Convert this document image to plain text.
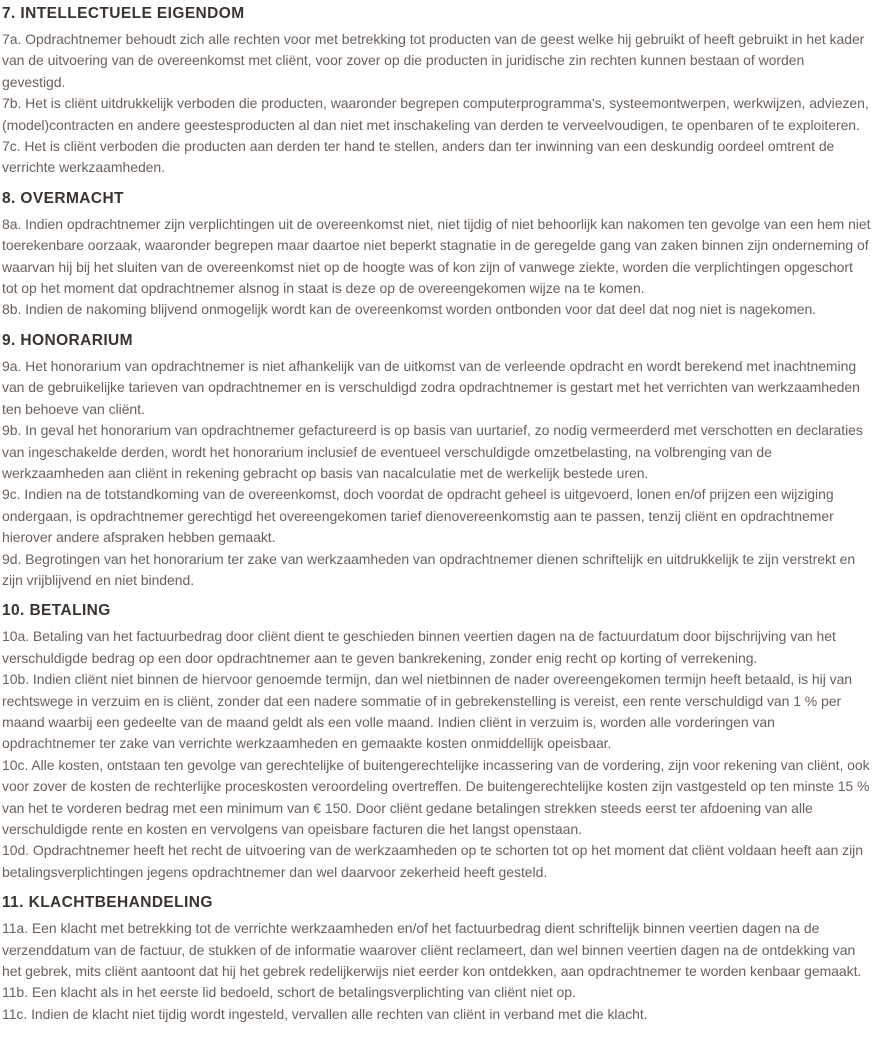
7. INTELLECTUELE EIGENDOM

7a. Opdrachtnemer behoudt zich alle rechten voor met betrekking tot producten van de geest welke hij gebruikt of heeft gebruikt in het kader van de uitvoering van de overeenkomst met cliënt, voor zover op die producten in juridische zin rechten kunnen bestaan of worden gevestigd.

7b. Het is cliënt uitdrukkelijk verboden die producten, waaronder begrepen computerprogramma's, systeemontwerpen, werkwijzen, adviezen, (model)contracten en andere geestesproducten al dan niet met inschakeling van derden te verveelvoudigen, te openbaren of te exploiteren.

7c. Het is cliënt verboden die producten aan derden ter hand te stellen, anders dan ter inwinning van een deskundig oordeel omtrent de verrichte werkzaamheden.

8. OVERMACHT

8a. Indien opdrachtnemer zijn verplichtingen uit de overeenkomst niet, niet tijdig of niet behoorlijk kan nakomen ten gevolge van een hem niet toerekenbare oorzaak, waaronder begrepen maar daartoe niet beperkt stagnatie in de geregelde gang van zaken binnen zijn onderneming of waarvan hij bij het sluiten van de overeenkomst niet op de hoogte was of kon zijn of vanwege ziekte, worden die verplichtingen opgeschort tot op het moment dat opdrachtnemer alsnog in staat is deze op de overeengekomen wijze na te komen.

8b. Indien de nakoming blijvend onmogelijk wordt kan de overeenkomst worden ontbonden voor dat deel dat nog niet is nagekomen.

9. HONORARIUM

9a. Het honorarium van opdrachtnemer is niet afhankelijk van de uitkomst van de verleende opdracht en wordt berekend met inachtneming van de gebruikelijke tarieven van opdrachtnemer en is verschuldigd zodra opdrachtnemer is gestart met het verrichten van werkzaamheden ten behoeve van cliënt.

9b. In geval het honorarium van opdrachtnemer gefactureerd is op basis van uurtarief, zo nodig vermeerderd met verschotten en declaraties van ingeschakelde derden, wordt het honorarium inclusief de eventueel verschuldigde omzetbelasting, na volbrenging van de werkzaamheden aan cliënt in rekening gebracht op basis van nacalculatie met de werkelijk bestede uren.

9c. Indien na de totstandkoming van de overeenkomst, doch voordat de opdracht geheel is uitgevoerd, lonen en/of prijzen een wijziging ondergaan, is opdrachtnemer gerechtigd het overeengekomen tarief dienovereenkomstig aan te passen, tenzij cliënt en opdrachtnemer hierover andere afspraken hebben gemaakt.

9d. Begrotingen van het honorarium ter zake van werkzaamheden van opdrachtnemer dienen schriftelijk en uitdrukkelijk te zijn verstrekt en zijn vrijblijvend en niet bindend.

10. BETALING

10a. Betaling van het factuurbedrag door cliënt dient te geschieden binnen veertien dagen na de factuurdatum door bijschrijving van het verschuldigde bedrag op een door opdrachtnemer aan te geven bankrekening, zonder enig recht op korting of verrekening.

10b. Indien cliënt niet binnen de hiervoor genoemde termijn, dan wel nietbinnen de nader overeengekomen termijn heeft betaald, is hij van rechtswege in verzuim en is cliënt, zonder dat een nadere sommatie of in gebrekenstelling is vereist, een rente verschuldigd van 1 % per maand waarbij een gedeelte van de maand geldt als een volle maand. Indien cliënt in verzuim is, worden alle vorderingen van opdrachtnemer ter zake van verrichte werkzaamheden en gemaakte kosten onmiddellijk opeisbaar.

10c. Alle kosten, ontstaan ten gevolge van gerechtelijke of buitengerechtelijke incassering van de vordering, zijn voor rekening van cliënt, ook voor zover de kosten de rechterlijke proceskosten veroordeling overtreffen. De buitengerechtelijke kosten zijn vastgesteld op ten minste 15 % van het te vorderen bedrag met een minimum van € 150. Door cliënt gedane betalingen strekken steeds eerst ter afdoening van alle verschuldigde rente en kosten en vervolgens van opeisbare facturen die het langst openstaan.

10d. Opdrachtnemer heeft het recht de uitvoering van de werkzaamheden op te schorten tot op het moment dat cliënt voldaan heeft aan zijn betalingsverplichtingen jegens opdrachtnemer dan wel daarvoor zekerheid heeft gesteld.

11. KLACHTBEHANDELING

11a. Een klacht met betrekking tot de verrichte werkzaamheden en/of het factuurbedrag dient schriftelijk binnen veertien dagen na de verzenddatum van de factuur, de stukken of de informatie waarover cliënt reclameert, dan wel binnen veertien dagen na de ontdekking van het gebrek, mits cliënt aantoont dat hij het gebrek redelijkerwijs niet eerder kon ontdekken, aan opdrachtnemer te worden kenbaar gemaakt.

11b. Een klacht als in het eerste lid bedoeld, schort de betalingsverplichting van cliënt niet op.

11c. Indien de klacht niet tijdig wordt ingesteld, vervallen alle rechten van cliënt in verband met die klacht.
